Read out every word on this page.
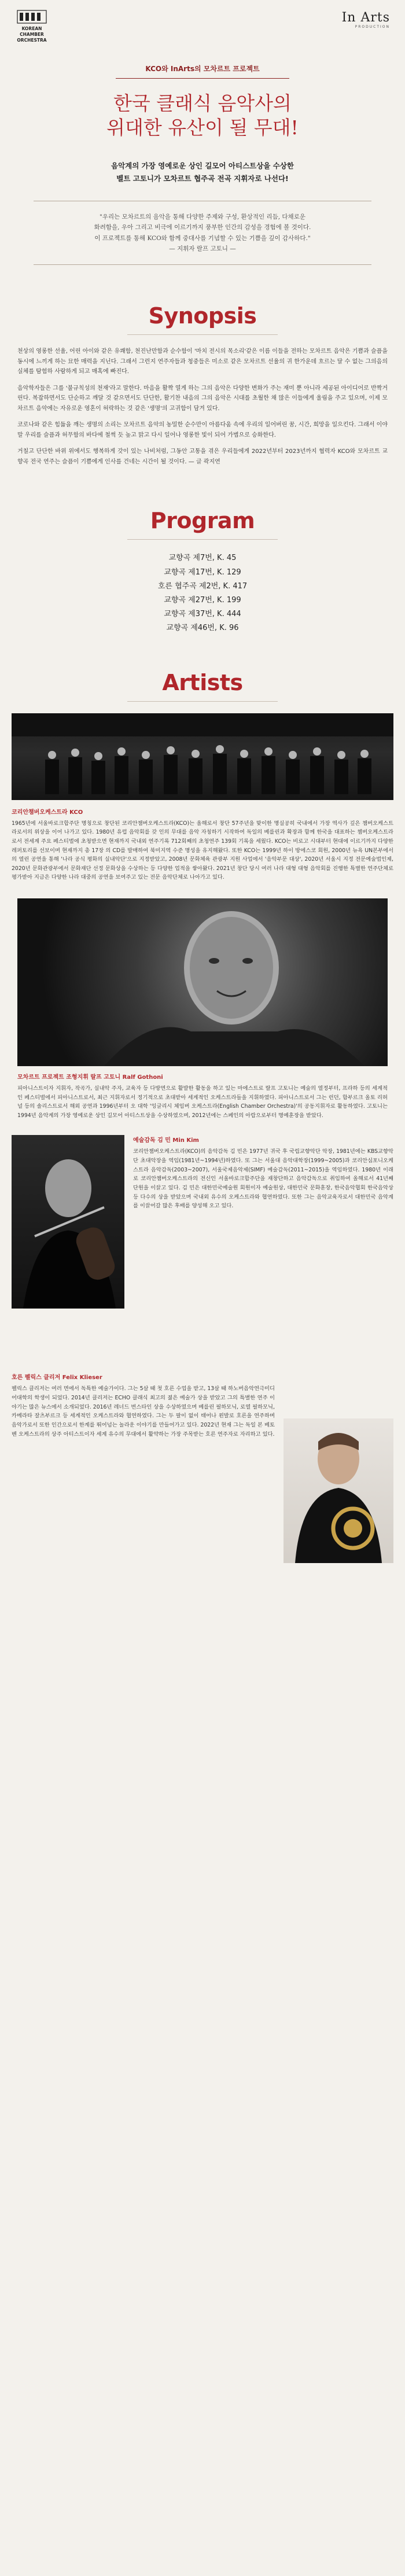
KOREAN
CHAMBER
ORCHESTRA
In Arts
PRODUCTION
KCO와 InArts의 모차르트 프로젝트
한국 클래식 음악사의
위대한 유산이 될 무대!
음악계의 가장 영예로운 상인 길모어 아티스트상을 수상한
벨트 고토니가 모차르트 협주곡 전곡 지휘자로 나선다!
"우리는 모차르트의 음악을 통해 다양한 주제와 구성, 환상적인 리듬, 다채로운
화려함을, 우아 그리고 비극에 이르기까지 풍부한 인간의 감성을 경험에 볼 것이다.
이 프로젝트를 통해 KCO와 함께 중대사를 기념할 수 있는 기쁨을 깊이 감사하다."
— 지휘자 랄프 고토니 —
Synopsis

천상의 영롱한 선율, 어린 아이와 같은 유쾌함, 천진난만함과 순수함이 '마치 전시의 목소리'같은 이름 이들을 전하는 모차르트 음악은 기쁨과 슬픔을 동시에 느끼게 하는 묘한 매력을 지닌다. 그래서 그런지 연주자들과 청중들은 미소로 같은 모차르트 선율의 귀 한가운데 흐르는 달 수 없는 그의음의 실체를 탐험하 사람하게 되고 매혹에 빠진다.

음악학자들은 그를 '불규칙성의 천재'라고 말한다. 마음을 활짝 열게 하는 그의 음악은 다양한 변화가 주는 재미 뿐 아니라 세공된 아이디어로 반짝거린다. 복잡하면서도 단순하고 깨달 것 같으면서도 단단한, 활기찬 내음의 그의 음악은 시대를 초월한 채 많은 이들에게 울림을 주고 있으며, 이제 모차르트 음악에는 자유로운 영혼이 허락하는 것 같은 '생명'의 고귀함이 담겨 있다.

코로나와 같은 힘듦을 깨는 생명의 소리는 모차르트 음악의 농밀한 순수만이 아름다움 속에 우리의 일어버린 꿈, 시간, 희망을 일으킨다. 그래서 이야말 우리를 슬픔과 허무함의 바다에 철썩 듯 높고 맑고 다시 일어나 영롱한 빛이 되어 가볍으로 승화한다.

거칠고 단단한 바위 위에서도 행복하게 갓이 있는 나비처럼, 그동안 고통을 겪은 우리들에게 2022년부터 2023년까지 협력자 KCO와 모차르트 교향곡 전국 연주는 슬픔이 기쁨에게 인사를 건네는 시간이 될 것이다. — 글 곽지연

Program
교향곡 제7번, K. 45
교향곡 제17번, K. 129
호른 협주곡 제2번, K. 417
교향곡 제27번, K. 199
교향곡 제37번, K. 444
교향곡 제46번, K. 96
Artists
코리안챔버오케스트라 KCO
1965년에 서울바로크합주단 명칭으로 창단된 코리안챔버오케스트라(KCO)는 올해로서 창단 57주년을 맞이한 명실공히 국내에서 가장 역사가 깊은 챔버오케스트라로서의 위상을 이어 나가고 있다. 1980년 유럽 음악회를 갖 인의 무대를 음악 자칭하기 시작하여 독일의 베를린과 확장과 함께 한국을 대표하는 챔버오케스트라 로서 전세계 주요 페스티벌에 초청받으면 현재까지 국내외 연주기록 712회째의 초청연주 139회 기록을 세웠다. KCO는 비로고 시대부터 현대에 이르기까지 다양한 레퍼토리를 선보이며 현재까지 총 17장 의 CD를 발매하여 북미지역 수준 명성을 유지해왔다. 또한 KCO는 1999년 하이 방에스코 회원, 2000년 뉴욕 UN본부에서의 열린 공연을 통해 '나라 공식 평화의 실내악단'으로 지정받았고, 2008년 문화체육 관광부 지원 사업에서 '음악부문 대상', 2020년 서울시 지정 전문예술법인제, 2020년 문화관광부에서 문화재단 선정 문화상을 수상하는 등 다양한 업적을 쌓아왔다. 2021년 창단 당시 여러 나라 대형 대형 음악회를 진행한 특별한 연주단체로 평가받아 지금은 다양한 나라 대중의 공연을 보여주고 있는 전문 음악단체로 나아가고 있다.
모차르트 프로젝트 조형지휘 랄프 고토니 Ralf Gothoni
피아니스트이자 지휘자, 작곡가, 실내악 주자, 교육자 등 다방면으로 활발한 활동을 하고 있는 마에스트로 랄프 고토니는 예술의 열정부터, 프라하 등의 세계적인 페스티벌에서 피아니스트로서, 최근 지휘자로서 정기적으로 초대받아 세계적인 오케스트라들을 지휘하였다. 피아니스트로서 그는 런던, 함부르크 올토 리허널 등의 솔리스트로서 해외 공연과 1996년부터 오 대학 '잉글리시 체임버 오케스트라(English Chamber Orchestra)'의 공동지휘자로 활동하였다. 고토니는 1994년 음악계의 가장 영예로운 상인 길모어 아티스트상을 수상하였으며, 2012년에는 스페인의 아랍으로부터 명예훈장을 받았다.
예술감독 김 민 Min Kim
코리안챔버오케스트라(KCO)의 음악감독 김 민은 1977년 귀국 후 국립교향악단 악장, 1981년에는 KBS교향악단 초대악장을 역임(1981년~1994년)하였다. 또 그는 서울대 음악대학장(1999~2005)과 코리안심포니오케스트라 음악감독(2003~2007), 서울국제음악제(SIMF) 예술감독(2011~2015)을 역임하였다. 1980년 이래로 코리안챔버오케스트라의 전신인 서울바로크합주단을 재창단하고 음악감독으로 취임하여 올해로서 41년째 단원을 이끌고 있다. 김 민은 대한민국예술원 회원이자 예술원상, 대한민국 문화훈장, 한국음악협회 한국음악상 등 다수의 상을 받았으며 국내외 유수의 오케스트라와 협연하였다. 또한 그는 음악교육자로서 대한민국 음악계를 이끌어갈 많은 후배를 양성해 오고 있다.
호른 펠릭스 클리저 Felix Klieser
펠릭스 클리저는 여러 면에서 독특한 예술가이다. 그는 5살 때 첫 호른 수업을 받고, 13살 때 하노버음악연극미디어대학의 학생이 되었다. 2014년 클리저는 ECHO 클래식 최고의 젊은 예술가 상을 받았고 그의 특별한 연주 이야기는 많은 뉴스에서 소개되었다. 2016년 레너드 번스타인 상을 수상하였으며 베를린 필하모닉, 로열 필하모닉, 카메라타 잘츠부르크 등 세계적인 오케스트라와 협연하였다. 그는 두 팔이 없이 태어나 왼발로 호른을 연주하며 음악가로서 또한 인간으로서 한계를 뛰어넘는 놀라운 이야기를 만들어가고 있다. 2022년 현재 그는 독일 본 베토벤 오케스트라의 상주 아티스트이자 세계 유수의 무대에서 활약하는 가장 주목받는 호른 연주자로 자리하고 있다.
